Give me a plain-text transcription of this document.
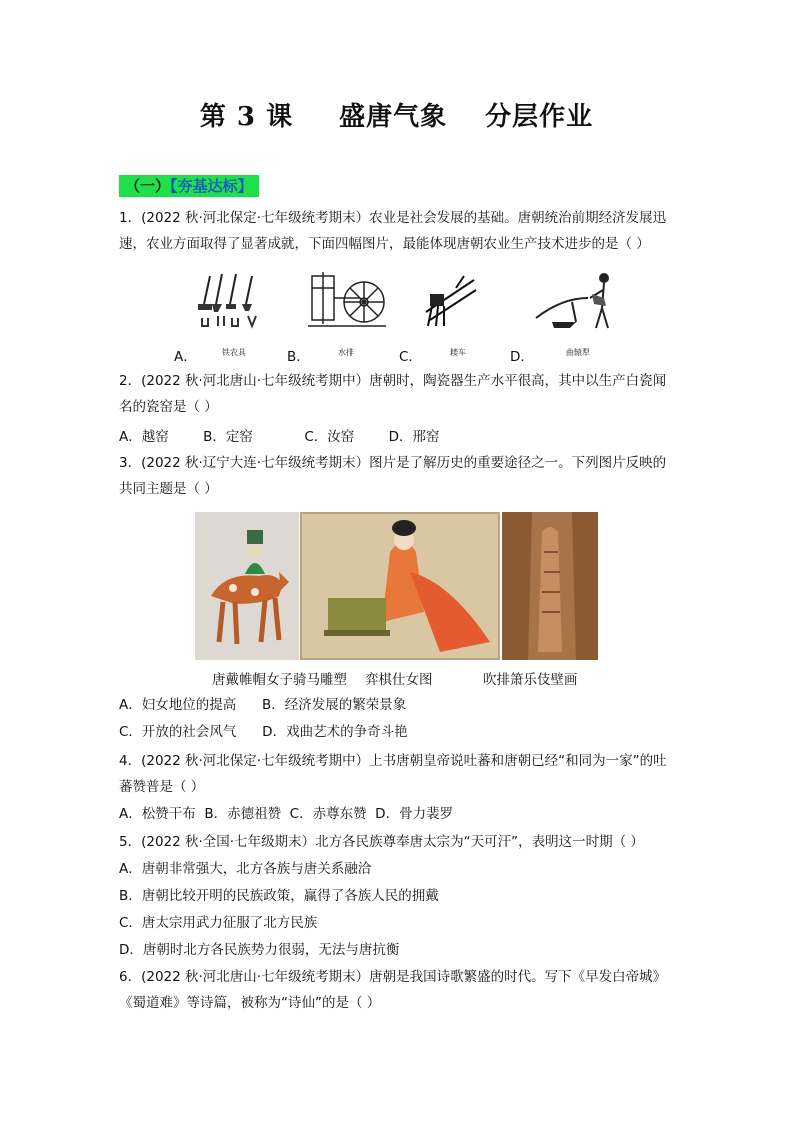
第 3 课 盛唐气象 分层作业
（一）【夯基达标】

1．(2022 秋·河北保定·七年级统考期末）农业是社会发展的基础。唐朝统治前期经济发展迅速，农业方面取得了显著成就，下面四幅图片，最能体现唐朝农业生产技术进步的是（ ）

A．	铁农具	B．	水排	C．	耧车	D．	曲辕犁

2．(2022 秋·河北唐山·七年级统考期中）唐朝时，陶瓷器生产水平很高，其中以生产白瓷闻名的瓷窑是（ ）

A．越窑        B．定窑            C．汝窑        D．邢窑

3．(2022 秋·辽宁大连·七年级统考期末）图片是了解历史的重要途径之一。下列图片反映的共同主题是（ ）

唐戴帷帽女子骑马雕塑 弈棋仕女图	吹排箫乐伎壁画
A．妇女地位的提高      B．经济发展的繁荣景象
C．开放的社会风气      D．戏曲艺术的争奇斗艳

4．(2022 秋·河北保定·七年级统考期中）上书唐朝皇帝说吐蕃和唐朝已经“和同为一家”的吐蕃赞普是（ ）

A．松赞干布  B．赤德祖赞  C．赤尊东赞  D．骨力裴罗

5．(2022 秋·全国·七年级期末）北方各民族尊奉唐太宗为“天可汗”，表明这一时期（ ）

A．唐朝非常强大，北方各族与唐关系融洽
B．唐朝比较开明的民族政策，赢得了各族人民的拥戴
C．唐太宗用武力征服了北方民族
D．唐朝时北方各民族势力很弱，无法与唐抗衡

6．(2022 秋·河北唐山·七年级统考期末）唐朝是我国诗歌繁盛的时代。写下《早发白帝城》《蜀道难》等诗篇，被称为“诗仙”的是（ ）
